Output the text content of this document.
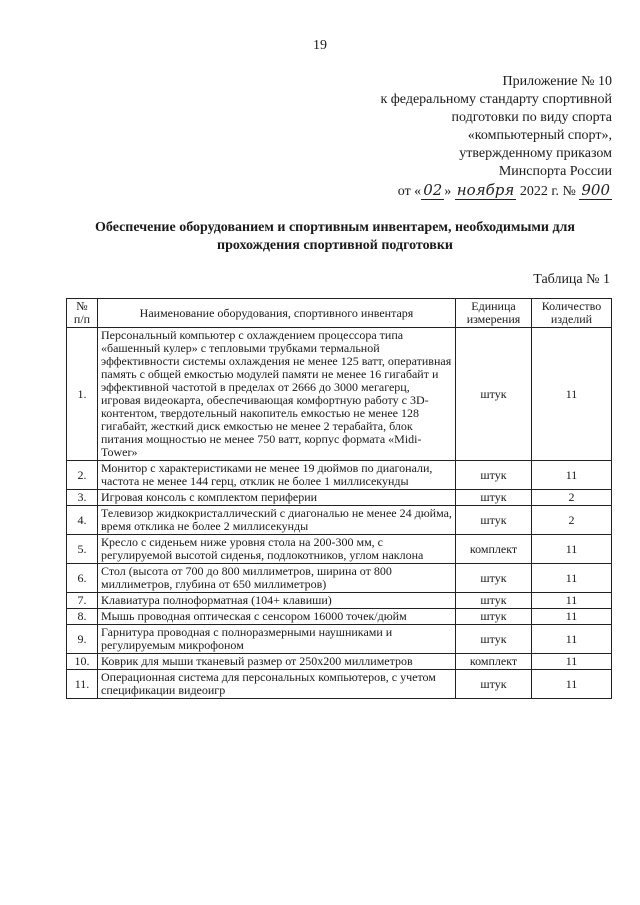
19
Приложение № 10
к федеральному стандарту спортивной
подготовки по виду спорта
«компьютерный спорт»,
утвержденному приказом
Минспорта России
от « 02 » ноября 2022 г. № 900
Обеспечение оборудованием и спортивным инвентарем, необходимыми для прохождения спортивной подготовки
Таблица № 1
№ п/п	Наименование оборудования, спортивного инвентаря	Единица измерения	Количество изделий
1.	Персональный компьютер с охлаждением процессора типа «башенный кулер» с тепловыми трубками термальной эффективности системы охлаждения не менее 125 ватт, оперативная память с общей емкостью модулей памяти не менее 16 гигабайт и эффективной частотой в пределах от 2666 до 3000 мегагерц, игровая видеокарта, обеспечивающая комфортную работу с 3D-контентом, твердотельный накопитель емкостью не менее 128 гигабайт, жесткий диск емкостью не менее 2 терабайта, блок питания мощностью не менее 750 ватт, корпус формата «Midi-Tower»	штук	11
2.	Монитор с характеристиками не менее 19 дюймов по диагонали, частота не менее 144 герц, отклик не более 1 миллисекунды	штук	11
3.	Игровая консоль с комплектом периферии	штук	2
4.	Телевизор жидкокристаллический с диагональю не менее 24 дюйма, время отклика не более 2 миллисекунды	штук	2
5.	Кресло с сиденьем ниже уровня стола на 200-300 мм, с регулируемой высотой сиденья, подлокотников, углом наклона	комплект	11
6.	Стол (высота от 700 до 800 миллиметров, ширина от 800 миллиметров, глубина от 650 миллиметров)	штук	11
7.	Клавиатура полноформатная (104+ клавиши)	штук	11
8.	Мышь проводная оптическая с сенсором 16000 точек/дюйм	штук	11
9.	Гарнитура проводная с полноразмерными наушниками и регулируемым микрофоном	штук	11
10.	Коврик для мыши тканевый размер от 250x200 миллиметров	комплект	11
11.	Операционная система для персональных компьютеров, с учетом спецификации видеоигр	штук	11
